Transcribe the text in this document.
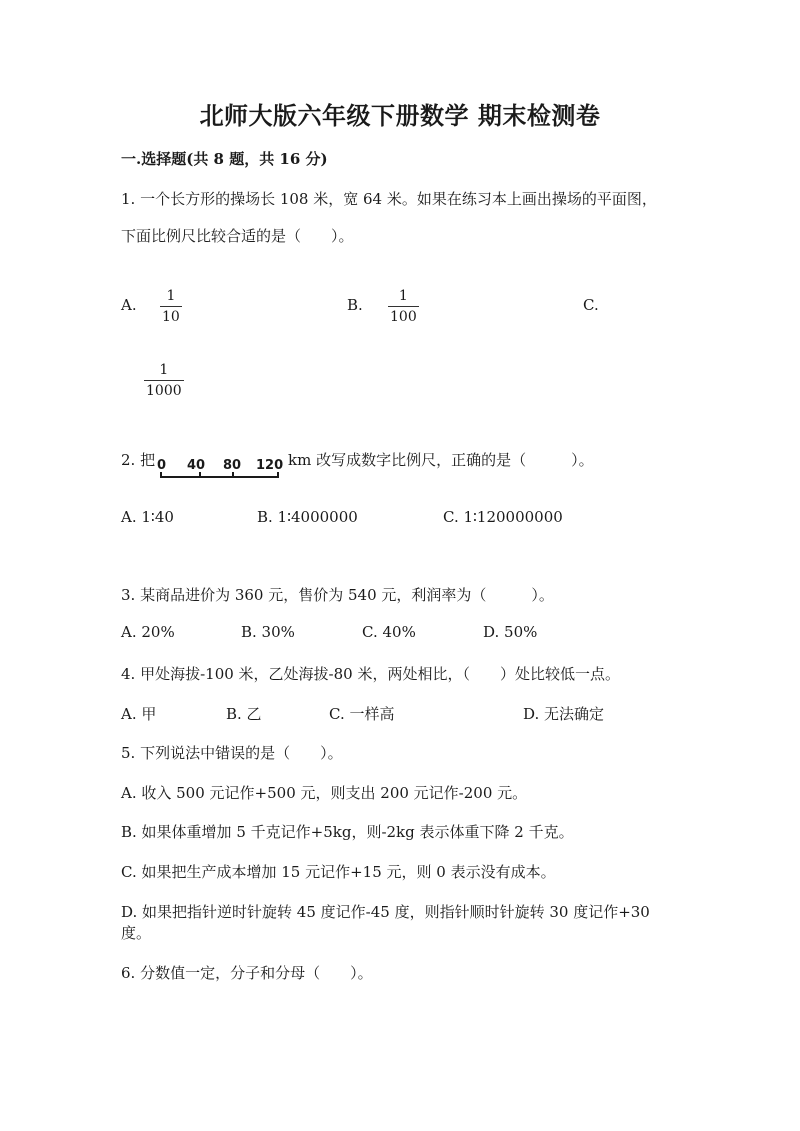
北师大版六年级下册数学 期末检测卷
一.选择题(共 8 题，共 16 分)
1. 一个长方形的操场长 108 米，宽 64 米。如果在练习本上画出操场的平面图，
下面比例尺比较合适的是（　　）。
A. $\frac{1}{10}$	B. $\frac{1}{100}$	C.
$\frac{1}{1000}$
2. 把 0 40 80 120 km 改写成数字比例尺，正确的是（　　　）。
A. 1∶40	B. 1∶4000000	C. 1∶120000000
3. 某商品进价为 360 元，售价为 540 元，利润率为（　　　）。
A. 20%	B. 30%	C. 40%	D. 50%
4. 甲处海拔-100 米，乙处海拔-80 米，两处相比，（　　）处比较低一点。
A. 甲	B. 乙	C. 一样高	D. 无法确定
5. 下列说法中错误的是（　　）。
A. 收入 500 元记作+500 元，则支出 200 元记作-200 元。
B. 如果体重增加 5 千克记作+5kg，则-2kg 表示体重下降 2 千克。
C. 如果把生产成本增加 15 元记作+15 元，则 0 表示没有成本。
D. 如果把指针逆时针旋转 45 度记作-45 度，则指针顺时针旋转 30 度记作+30
度。
6. 分数值一定，分子和分母（　　）。
